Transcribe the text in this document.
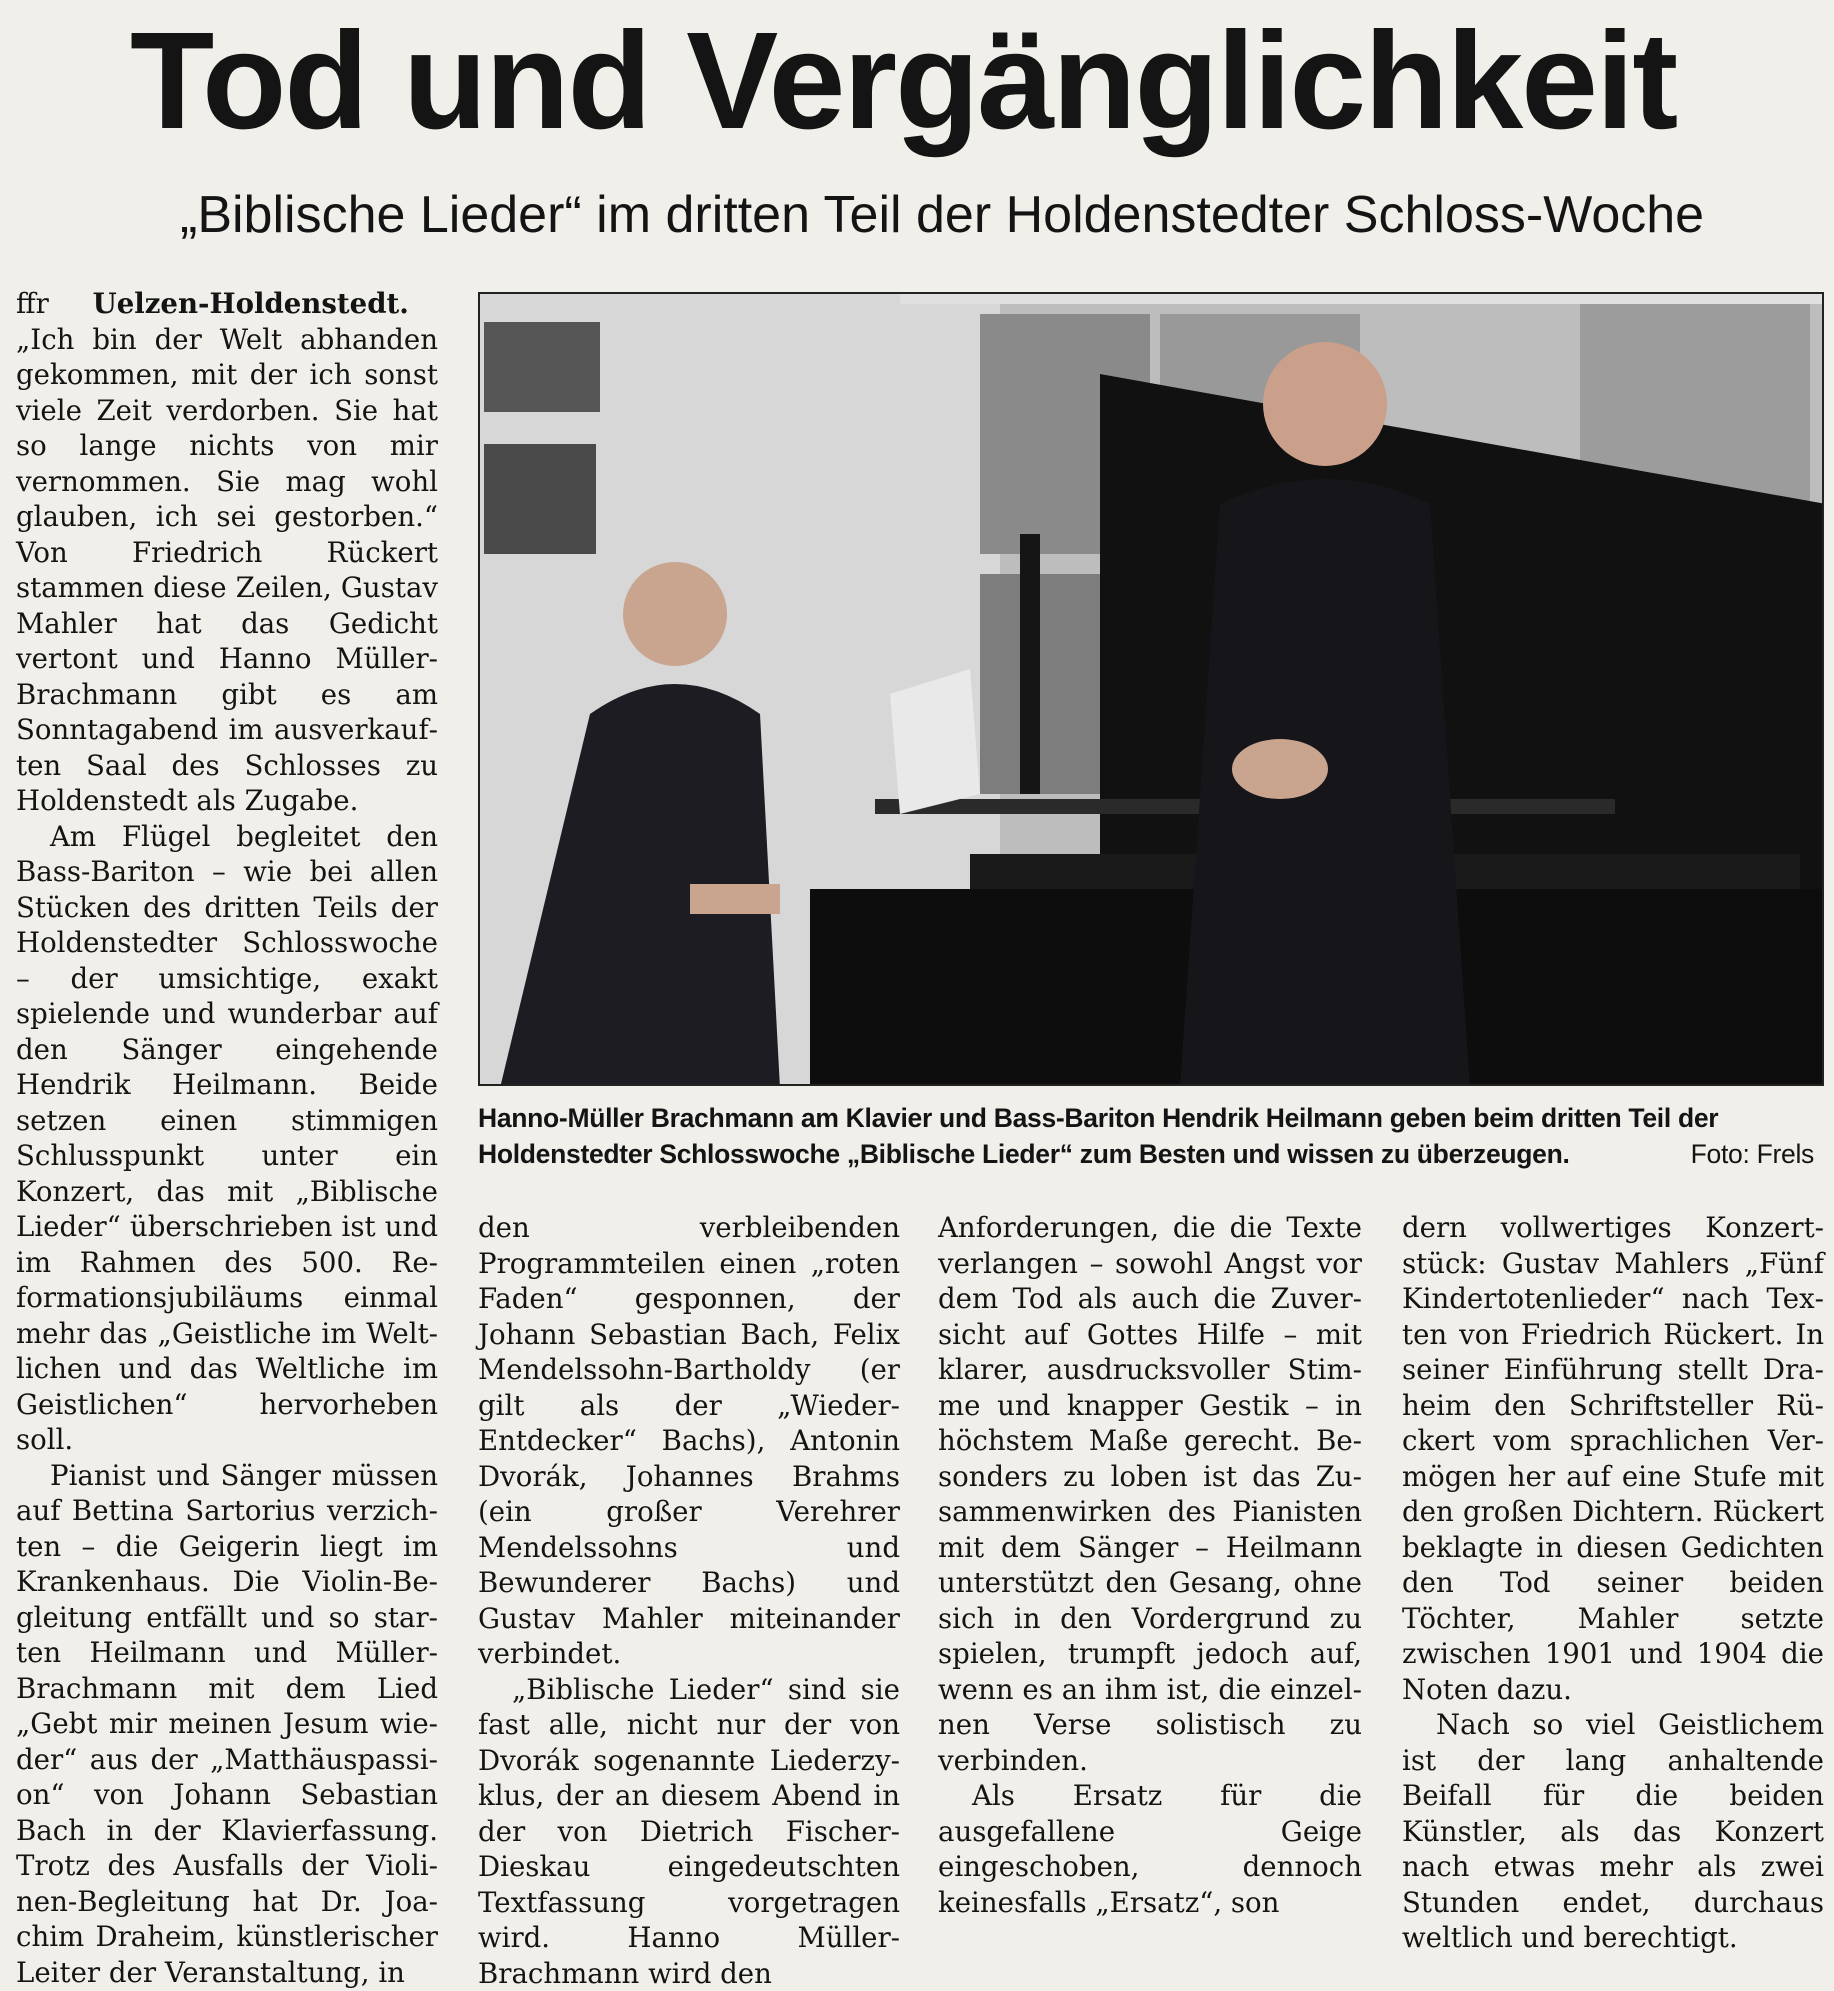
Tod und Vergänglichkeit
„Biblische Lieder“ im dritten Teil der Holdenstedter Schloss-Woche

ffr Uelzen-Holdenstedt.
„Ich bin der Welt abhanden gekommen, mit der ich sonst viele Zeit verdorben. Sie hat so lange nichts von mir vernommen. Sie mag wohl glauben, ich sei gestorben.“ Von Friedrich Rückert stammen diese Zeilen, Gustav Mahler hat das Gedicht vertont und Hanno Müller-Brachmann gibt es am Sonntagabend im ausverkauften Saal des Schlosses zu Holdenstedt als Zugabe.

Am Flügel begleitet den Bass-Bariton – wie bei allen Stücken des dritten Teils der Holdenstedter Schlosswoche – der umsichtige, exakt spielende und wunderbar auf den Sänger eingehende Hendrik Heilmann. Beide setzen einen stimmigen Schlusspunkt unter ein Konzert, das mit „Biblische Lieder“ überschrieben ist und im Rahmen des 500. Reformationsjubiläums einmal mehr das „Geistliche im Weltlichen und das Weltliche im Geistlichen“ hervorheben soll.

Pianist und Sänger müssen auf Bettina Sartorius verzichten – die Geigerin liegt im Krankenhaus. Die Violin-Begleitung entfällt und so starten Heilmann und Müller-Brachmann mit dem Lied „Gebt mir meinen Jesum wieder“ aus der „Matthäuspassion“ von Johann Sebastian Bach in der Klavierfassung. Trotz des Ausfalls der Violinen-Begleitung hat Dr. Joachim Draheim, künstlerischer Leiter der Veranstaltung, in

Hanno-Müller Brachmann am Klavier und Bass-Bariton Hendrik Heilmann geben beim dritten Teil der Holdenstedter Schlosswoche „Biblische Lieder“ zum Besten und wissen zu überzeugen.	Foto: Frels

den verbleibenden Programmteilen einen „roten Faden“ gesponnen, der Johann Sebastian Bach, Felix Mendelssohn-Bartholdy (er gilt als der „Wieder-Entdecker“ Bachs), Antonin Dvorák, Johannes Brahms (ein großer Verehrer Mendelssohns und Bewunderer Bachs) und Gustav Mahler miteinander verbindet.

„Biblische Lieder“ sind sie fast alle, nicht nur der von Dvorák sogenannte Liederzyklus, der an diesem Abend in der von Dietrich Fischer-Dieskau eingedeutschten Textfassung vorgetragen wird. Hanno Müller-Brachmann wird den

Anforderungen, die die Texte verlangen – sowohl Angst vor dem Tod als auch die Zuversicht auf Gottes Hilfe – mit klarer, ausdrucksvoller Stimme und knapper Gestik – in höchstem Maße gerecht. Besonders zu loben ist das Zusammenwirken des Pianisten mit dem Sänger – Heilmann unterstützt den Gesang, ohne sich in den Vordergrund zu spielen, trumpft jedoch auf, wenn es an ihm ist, die einzelnen Verse solistisch zu verbinden.

Als Ersatz für die ausgefallene Geige eingeschoben, dennoch keinesfalls „Ersatz“, son

dern vollwertiges Konzertstück: Gustav Mahlers „Fünf Kindertotenlieder“ nach Texten von Friedrich Rückert. In seiner Einführung stellt Draheim den Schriftsteller Rückert vom sprachlichen Vermögen her auf eine Stufe mit den großen Dichtern. Rückert beklagte in diesen Gedichten den Tod seiner beiden Töchter, Mahler setzte zwischen 1901 und 1904 die Noten dazu.

Nach so viel Geistlichem ist der lang anhaltende Beifall für die beiden Künstler, als das Konzert nach etwas mehr als zwei Stunden endet, durchaus weltlich und berechtigt.
